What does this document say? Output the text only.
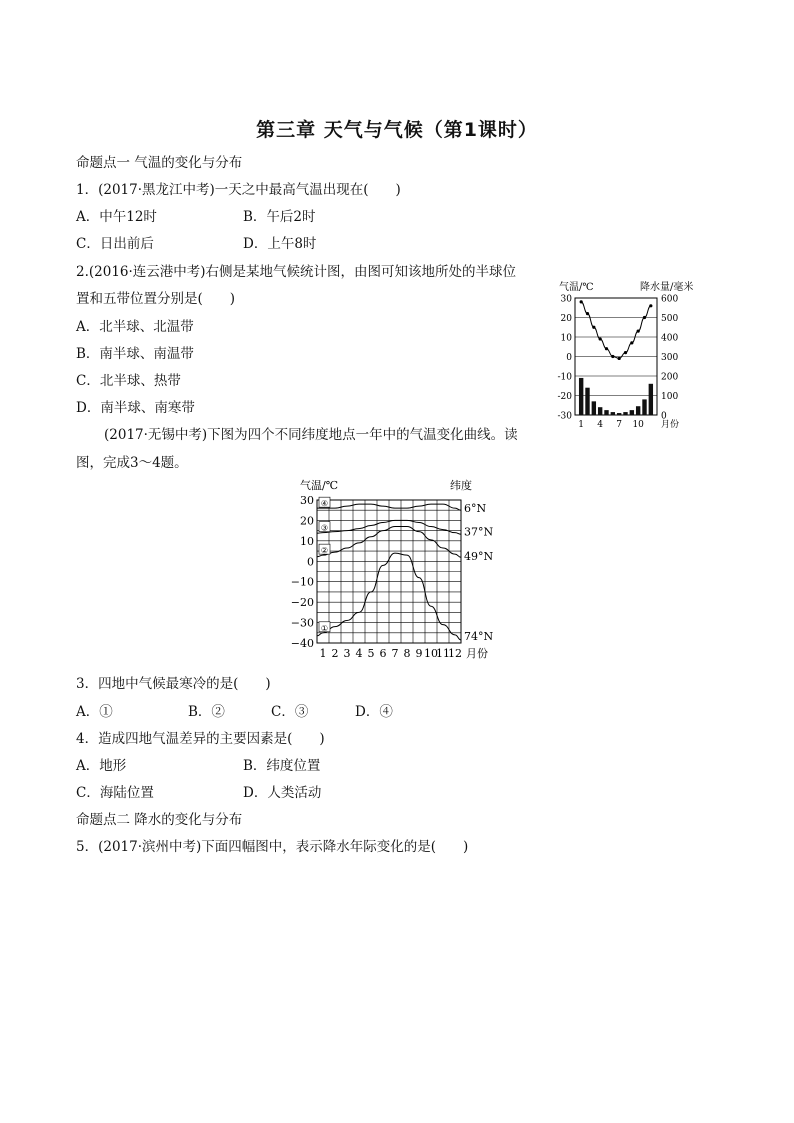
第三章 天气与气候（第1课时）
命题点一 气温的变化与分布
1．(2017·黑龙江中考)一天之中最高气温出现在(　　)
A．中午12时	B．午后2时
C．日出前后	D．上午8时
2.(2016·连云港中考)右侧是某地气候统计图，由图可知该地所处的半球位
置和五带位置分别是(　　)
A．北半球、北温带
B．南半球、南温带
C．北半球、热带
D．南半球、南寒带
气温/℃	降水量/毫米
30	600
20	500
10	400
0	300
-10	200
-20	100
-30	0
1 4 7 10 月份
(2017·无锡中考)下图为四个不同纬度地点一年中的气温变化曲线。读
图，完成3～4题。
气温/℃	纬度
④
③
②
①
30
20
10
0
−10
−20
−30
−40
1 2 3 4 5 6 7 8 9 10
11
12 月份
6°N
37°N
49°N
74°N
3．四地中气候最寒冷的是(　　)
A．①	B．②	C．③	D．④
4．造成四地气温差异的主要因素是(　　)
A．地形	B．纬度位置
C．海陆位置	D．人类活动
命题点二 降水的变化与分布
5．(2017·滨州中考)下面四幅图中，表示降水年际变化的是(　　)
